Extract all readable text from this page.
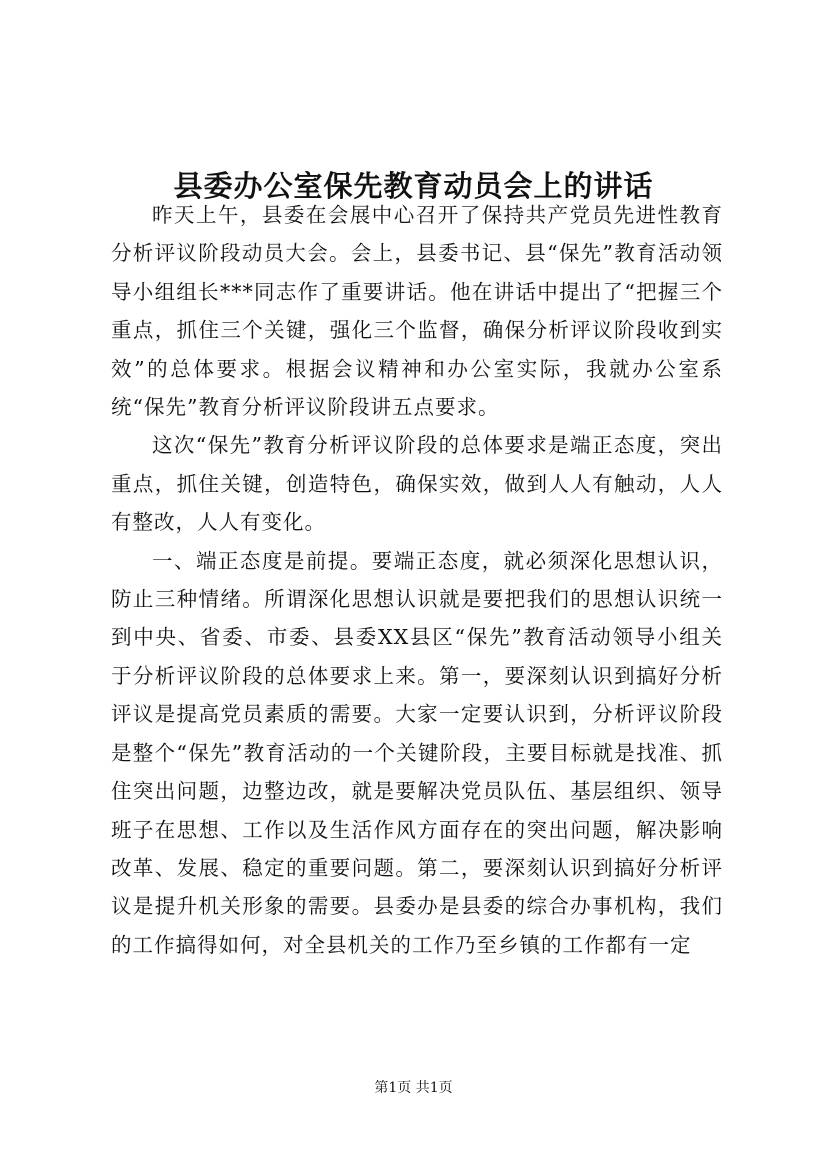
县委办公室保先教育动员会上的讲话

昨天上午，县委在会展中心召开了保持共产党员先进性教育分析评议阶段动员大会。会上，县委书记、县“保先”教育活动领导小组组长***同志作了重要讲话。他在讲话中提出了“把握三个重点，抓住三个关键，强化三个监督，确保分析评议阶段收到实效”的总体要求。根据会议精神和办公室实际，我就办公室系统“保先”教育分析评议阶段讲五点要求。

这次“保先”教育分析评议阶段的总体要求是端正态度，突出重点，抓住关键，创造特色，确保实效，做到人人有触动，人人有整改，人人有变化。

一、端正态度是前提。要端正态度，就必须深化思想认识，防止三种情绪。所谓深化思想认识就是要把我们的思想认识统一到中央、省委、市委、县委XX县区“保先”教育活动领导小组关于分析评议阶段的总体要求上来。第一，要深刻认识到搞好分析评议是提高党员素质的需要。大家一定要认识到，分析评议阶段是整个“保先”教育活动的一个关键阶段，主要目标就是找准、抓住突出问题，边整边改，就是要解决党员队伍、基层组织、领导班子在思想、工作以及生活作风方面存在的突出问题，解决影响改革、发展、稳定的重要问题。第二，要深刻认识到搞好分析评议是提升机关形象的需要。县委办是县委的综合办事机构，我们的工作搞得如何，对全县机关的工作乃至乡镇的工作都有一定

第1页 共1页
